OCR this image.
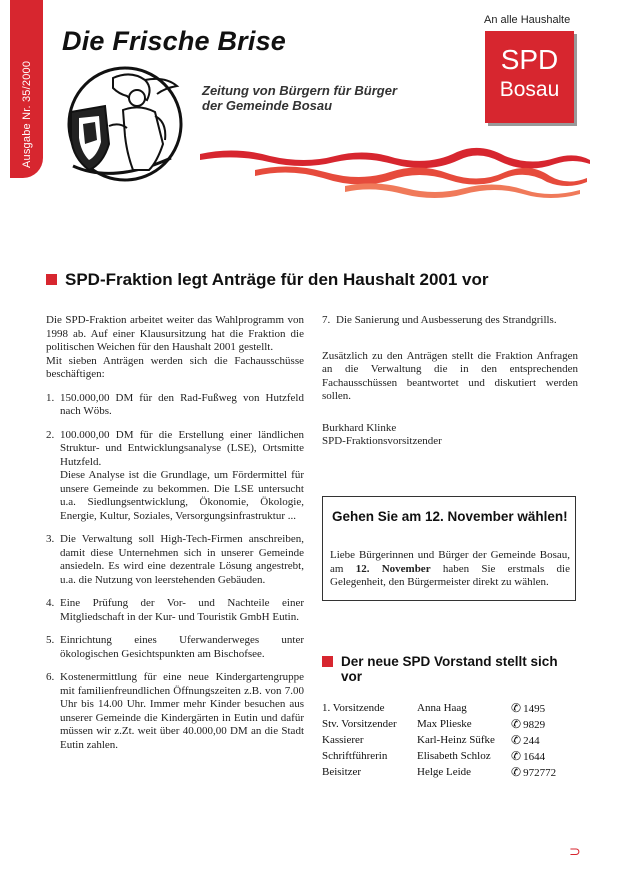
Ausgabe Nr. 35/2000
Die Frische Brise
Zeitung von Bürgern für Bürger
der Gemeinde Bosau
An alle Haushalte
SPD
Bosau
SPD-Fraktion legt Anträge für den Haushalt 2001 vor

Die SPD-Fraktion arbeitet weiter das Wahlprogramm von 1998 ab. Auf einer Klausursitzung hat die Fraktion die politischen Weichen für den Haushalt 2001 gestellt.
Mit sieben Anträgen werden sich die Fachausschüsse beschäftigen:

1. 150.000,00 DM für den Rad-Fußweg von Hutzfeld nach Wöbs.
2. 100.000,00 DM für die Erstellung einer ländlichen Struktur- und Entwicklungsanalyse (LSE), Ortsmitte Hutzfeld.
Diese Analyse ist die Grundlage, um Fördermittel für unsere Gemeinde zu bekommen. Die LSE untersucht u.a. Siedlungsentwicklung, Ökonomie, Ökologie, Energie, Kultur, Soziales, Versorgungsinfrastruktur ...
3. Die Verwaltung soll High-Tech-Firmen anschreiben, damit diese Unternehmen sich in unserer Gemeinde ansiedeln. Es wird eine dezentrale Lösung angestrebt, u.a. die Nutzung von leerstehenden Gebäuden.
4. Eine Prüfung der Vor- und Nachteile einer Mitgliedschaft in der Kur- und Touristik GmbH Eutin.
5. Einrichtung eines Uferwanderweges unter ökologischen Gesichtspunkten am Bischofsee.
6. Kostenermittlung für eine neue Kindergartengruppe mit familienfreundlichen Öffnungszeiten z.B. von 7.00 Uhr bis 14.00 Uhr. Immer mehr Kinder besuchen aus unserer Gemeinde die Kindergärten in Eutin und dafür müssen wir z.Zt. weit über 40.000,00 DM an die Stadt Eutin zahlen.
7. Die Sanierung und Ausbesserung des Strandgrills.

Zusätzlich zu den Anträgen stellt die Fraktion Anfragen an die Verwaltung die in den entsprechenden Fachausschüssen beantwortet und diskutiert werden sollen.

Burkhard Klinke
SPD-Fraktionsvorsitzender
Gehen Sie am 12. November wählen!
Liebe Bürgerinnen und Bürger der Gemeinde Bosau, am 12. November haben Sie erstmals die Gelegenheit, den Bürgermeister direkt zu wählen.
Der neue SPD Vorstand stellt sich vor
1. Vorsitzende	Anna Haag	✆ 1495
Stv. Vorsitzender	Max Plieske	✆ 9829
Kassierer	Karl-Heinz Süfke	✆ 244
Schriftführerin	Elisabeth Schloz	✆ 1644
Beisitzer	Helge Leide	✆ 972772
⊃
